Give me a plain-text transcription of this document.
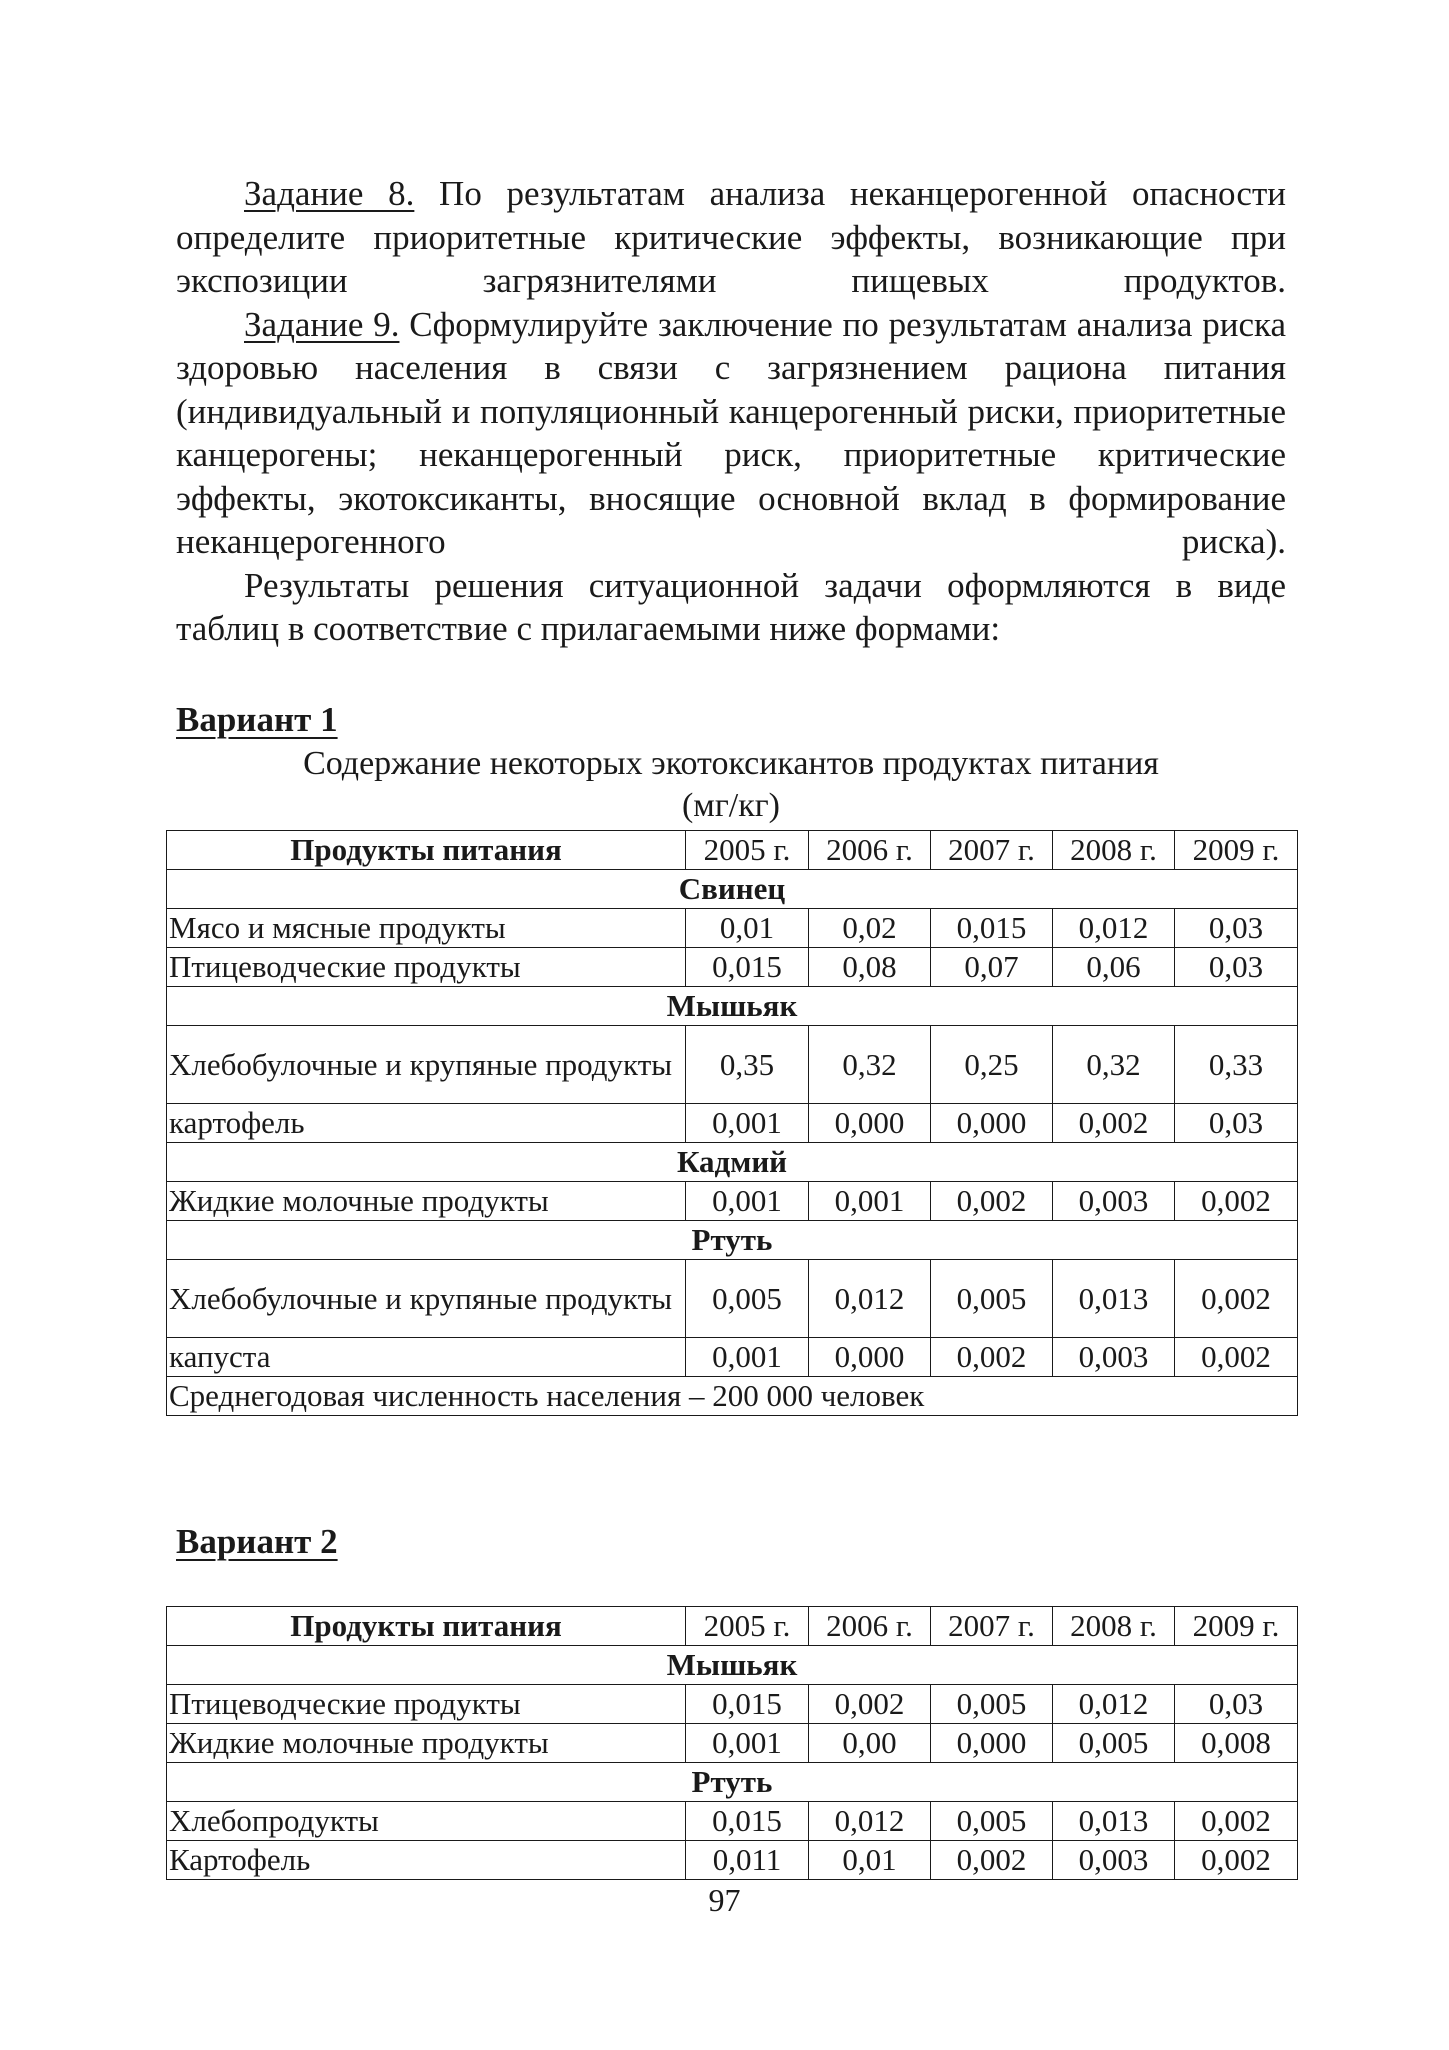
Задание 8. По результатам анализа неканцерогенной опасности определите приоритетные критические эффекты, возникающие при экспозиции загрязнителями пищевых продуктов.

Задание 9. Сформулируйте заключение по результатам анализа риска здоровью населения в связи с загрязнением рациона питания (индивидуальный и популяционный канцерогенный риски, приоритетные канцерогены; неканцерогенный риск, приоритетные критические эффекты, экотоксиканты, вносящие основной вклад в формирование неканцерогенного риска).

Результаты решения ситуационной задачи оформляются в виде таблиц в соответствие с прилагаемыми ниже формами:

Вариант 1
Содержание некоторых экотоксикантов продуктах питания
(мг/кг)
Продукты питания	2005 г.	2006 г.	2007 г.	2008 г.	2009 г.
Свинец					
Мясо и мясные продукты	0,01	0,02	0,015	0,012	0,03
Птицеводческие продукты	0,015	0,08	0,07	0,06	0,03
Мышьяк					
Хлебобулочные и крупяные продукты	0,35	0,32	0,25	0,32	0,33
картофель	0,001	0,000	0,000	0,002	0,03
Кадмий					
Жидкие молочные продукты	0,001	0,001	0,002	0,003	0,002
Ртуть					
Хлебобулочные и крупяные продукты	0,005	0,012	0,005	0,013	0,002
капуста	0,001	0,000	0,002	0,003	0,002
Среднегодовая численность населения – 200 000 человек					
Вариант 2
Продукты питания	2005 г.	2006 г.	2007 г.	2008 г.	2009 г.
Мышьяк					
Птицеводческие продукты	0,015	0,002	0,005	0,012	0,03
Жидкие молочные продукты	0,001	0,00	0,000	0,005	0,008
Ртуть					
Хлебопродукты	0,015	0,012	0,005	0,013	0,002
Картофель	0,011	0,01	0,002	0,003	0,002
97
